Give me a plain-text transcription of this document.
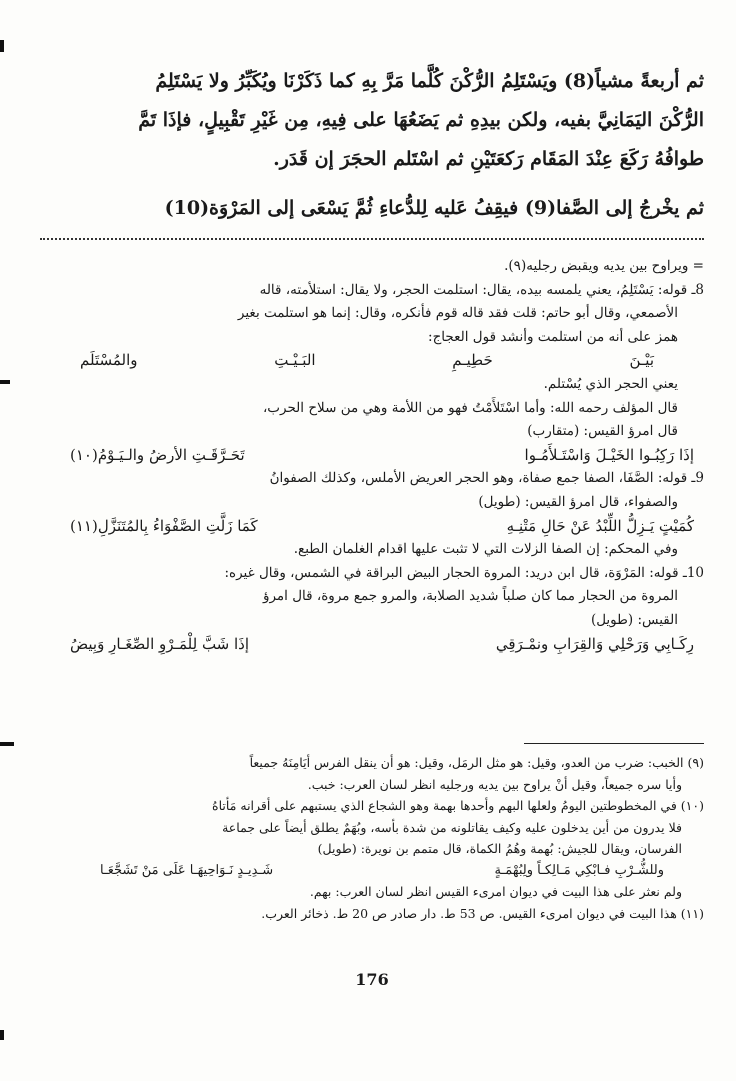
ثم أربعةً مشياً(8) ويَسْتَلِمُ الرُّكْنَ كُلَّما مَرَّ بِهِ كما ذَكَرْنَا ويُكَبِّرُ ولا يَسْتَلِمُ

الرُّكْنَ اليَمَانِيَّ بفيه، ولكن بيدِهِ ثم يَضَعُهَا على فِيهِ، مِن غَيْرِ تَقْبِيلٍ، فإذَا تَمَّ

طوافُهُ رَكَعَ عِنْدَ المَقَام رَكعَتَيْنِ ثم اسْتَلم الحجَرَ إن قَدَر.

ثم يخْرجُ إلى الصَّفا(9) فيقِفُ عَليه لِلدُّعاءِ ثُمَّ يَسْعَى إلى المَرْوَة(10)

= ويراوح بين يديه ويقبض رجليه(٩).

8ـ قوله: يَسْتَلِمُ، يعني يلمسه بيده، يقال: استلمت الحجر، ولا يقال: استلأمته، قاله

الأصمعي، وقال أبو حاتم: قلت فقد قاله قوم فأنكره، وقال: إنما هو استلمت بغير

همز على أنه من استلمت وأنشد قول العجاج:

بَيْـنَ
حَطِيـمِ
البَـيْـتِ
والمُسْتَلَم

يعني الحجر الذي يُسْتلم.

قال المؤلف رحمه الله: وأما اسْتَلأَمْتُ فهو من اللأمة وهي من سلاح الحرب،

قال امرؤ القيس: (متقارب)

إذَا رَكِبُـوا الخَيْـلَ وَاسْتَـلأَمُـوا
تَحَـرَّقَـتِ الأرضُ والـيَـوْمُ(١٠)

9ـ قوله: الصَّفَا، الصفا جمع صفاة، وهو الحجر العريض الأملس، وكذلك الصفوانُ

والصفواء، قال امرؤ القيس: (طويل)

كُمَيْتٍ يَـزِلُّ اللِّبْدُ عَنْ حَالِ مَتْنِـهِ
كَمَا زَلَّتِ الصَّفْوَاءُ بِالمُتَنَزَّلِ(١١)

وفي المحكم: إن الصفا الزلات التي لا تثبت عليها اقدام الغلمان الطبع.

10ـ قوله: المَرْوَة، قال ابن دريد: المروة الحجار البيض البراقة في الشمس، وقال غيره:

المروة من الحجار مما كان صلباً شديد الصلابة، والمرو جمع مروة، قال امرؤ

القيس: (طويل)

رِكَـابِي وَرَحْلِي وَالقِرَابِ ونمْـرَقِي
إذَا شَبَّ لِلْمَـرْوِ الصِّغَـارِ وَبِيضُ

(٩) الخبب: ضرب من العدو، وقيل: هو مثل الرمَل، وقيل: هو أن ينقل الفرس أيَامِنَهُ جميعاً

وأيا سره جميعاً، وقيل أنْ يراوح بين يديه ورجليه انظر لسان العرب: خبب.

(١٠) في المخطوطتين اليومُ ولعلها البهم وأحدها بهمة وهو الشجاع الذي يستبهم على أقرانه مَأتاهُ

فلا يدرون من أين يدخلون عليه وكيف يقاتلونه من شدة بأسه، وبُهَمٌ يطلق أيضاً على جماعة

الفرسان، ويقال للجيش: بُهمة وهُمُ الكماة، قال متمم بن نويرة: (طويل)

وللشُّـرْبِ فـابْكِي مَـالِكـاً ولِبُهْمَـةٍ
شَـدِيـدٍ نَـوَاحِيهَـا عَلَى مَنْ تَشَجَّعَـا

ولم نعثر على هذا البيت في ديوان امرىء القيس انظر لسان العرب: بهم.

(١١) هذا البيت في ديوان امرىء القيس. ص 53 ط. دار صادر ص 20 ط. ذخائر العرب.

176
